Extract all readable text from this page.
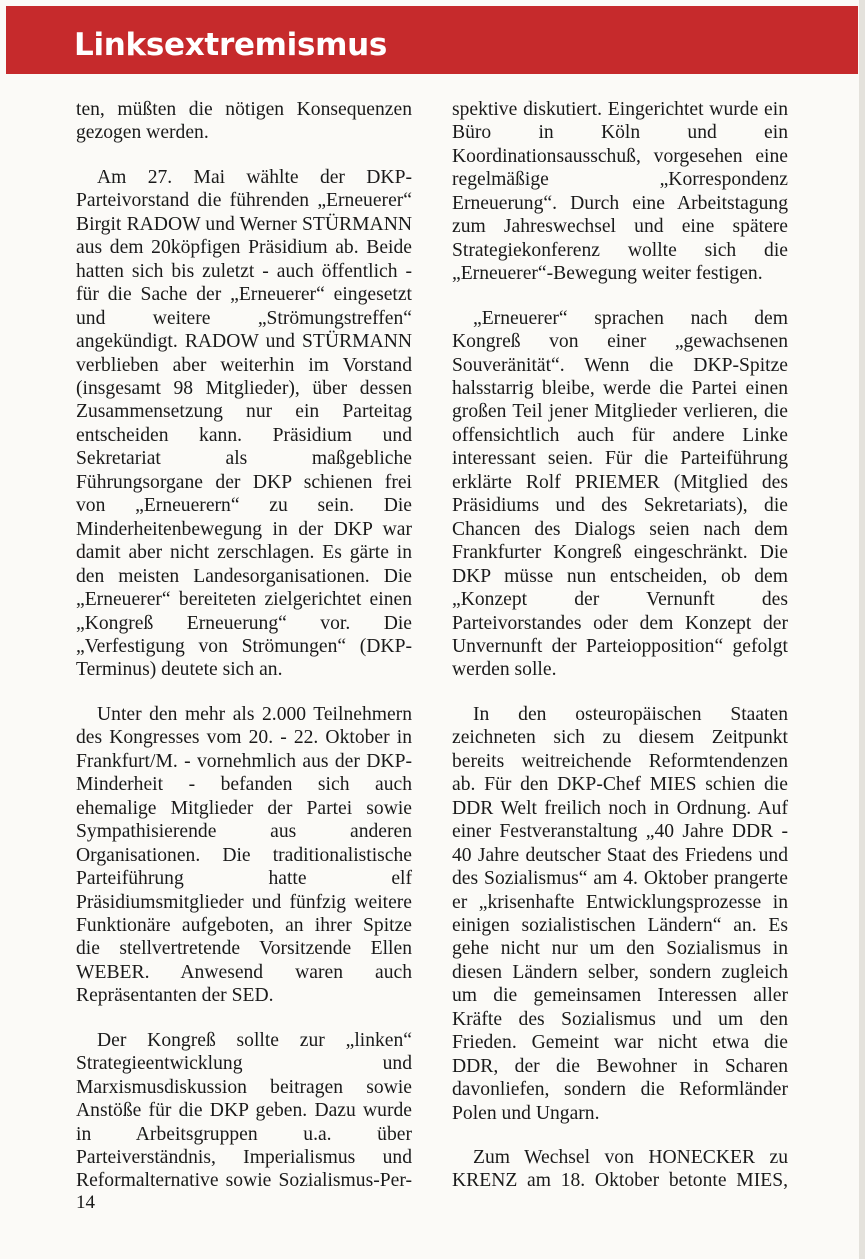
Linksextremismus

ten, müßten die nötigen Konsequenzen gezogen werden.

Am 27. Mai wählte der DKP-Parteivorstand die führenden „Erneuerer“ Birgit RADOW und Werner STÜRMANN aus dem 20köpfigen Präsidium ab. Beide hatten sich bis zuletzt - auch öffentlich - für die Sache der „Erneuerer“ eingesetzt und weitere „Strömungstreffen“ angekündigt. RADOW und STÜRMANN verblieben aber weiterhin im Vorstand (insgesamt 98 Mitglieder), über dessen Zusammensetzung nur ein Parteitag entscheiden kann. Präsidium und Sekretariat als maßgebliche Führungsorgane der DKP schienen frei von „Erneuerern“ zu sein. Die Minderheitenbewegung in der DKP war damit aber nicht zerschlagen. Es gärte in den meisten Landesorganisationen. Die „Erneuerer“ bereiteten zielgerichtet einen „Kongreß Erneuerung“ vor. Die „Verfestigung von Strömungen“ (DKP-Terminus) deutete sich an.

Unter den mehr als 2.000 Teilnehmern des Kongresses vom 20. - 22. Oktober in Frankfurt/M. - vornehmlich aus der DKP-Minderheit - befanden sich auch ehemalige Mitglieder der Partei sowie Sympathisierende aus anderen Organisationen. Die traditionalistische Parteiführung hatte elf Präsidiumsmitglieder und fünfzig weitere Funktionäre aufgeboten, an ihrer Spitze die stellvertretende Vorsitzende Ellen WEBER. Anwesend waren auch Repräsentanten der SED.

Der Kongreß sollte zur „linken“ Strategieentwicklung und Marxismusdiskussion beitragen sowie Anstöße für die DKP geben. Dazu wurde in Arbeitsgruppen u.a. über Parteiverständnis, Imperialismus und Reformalternative sowie Sozialismus-Per-

spektive diskutiert. Eingerichtet wurde ein Büro in Köln und ein Koordinationsausschuß, vorgesehen eine regelmäßige „Korrespondenz Erneuerung“. Durch eine Arbeitstagung zum Jahreswechsel und eine spätere Strategiekonferenz wollte sich die „Erneuerer“-Bewegung weiter festigen.

„Erneuerer“ sprachen nach dem Kongreß von einer „gewachsenen Souveränität“. Wenn die DKP-Spitze halsstarrig bleibe, werde die Partei einen großen Teil jener Mitglieder verlieren, die offensichtlich auch für andere Linke interessant seien. Für die Parteiführung erklärte Rolf PRIEMER (Mitglied des Präsidiums und des Sekretariats), die Chancen des Dialogs seien nach dem Frankfurter Kongreß eingeschränkt. Die DKP müsse nun entscheiden, ob dem „Konzept der Vernunft des Parteivorstandes oder dem Konzept der Unvernunft der Parteiopposition“ gefolgt werden solle.

In den osteuropäischen Staaten zeichneten sich zu diesem Zeitpunkt bereits weitreichende Reformtendenzen ab. Für den DKP-Chef MIES schien die DDR Welt freilich noch in Ordnung. Auf einer Festveranstaltung „40 Jahre DDR - 40 Jahre deutscher Staat des Friedens und des Sozialismus“ am 4. Oktober prangerte er „krisenhafte Entwicklungsprozesse in einigen sozialistischen Ländern“ an. Es gehe nicht nur um den Sozialismus in diesen Ländern selber, sondern zugleich um die gemeinsamen Interessen aller Kräfte des Sozialismus und um den Frieden. Gemeint war nicht etwa die DDR, der die Bewohner in Scharen davonliefen, sondern die Reformländer Polen und Ungarn.

Zum Wechsel von HONECKER zu KRENZ am 18. Oktober betonte MIES,

14
